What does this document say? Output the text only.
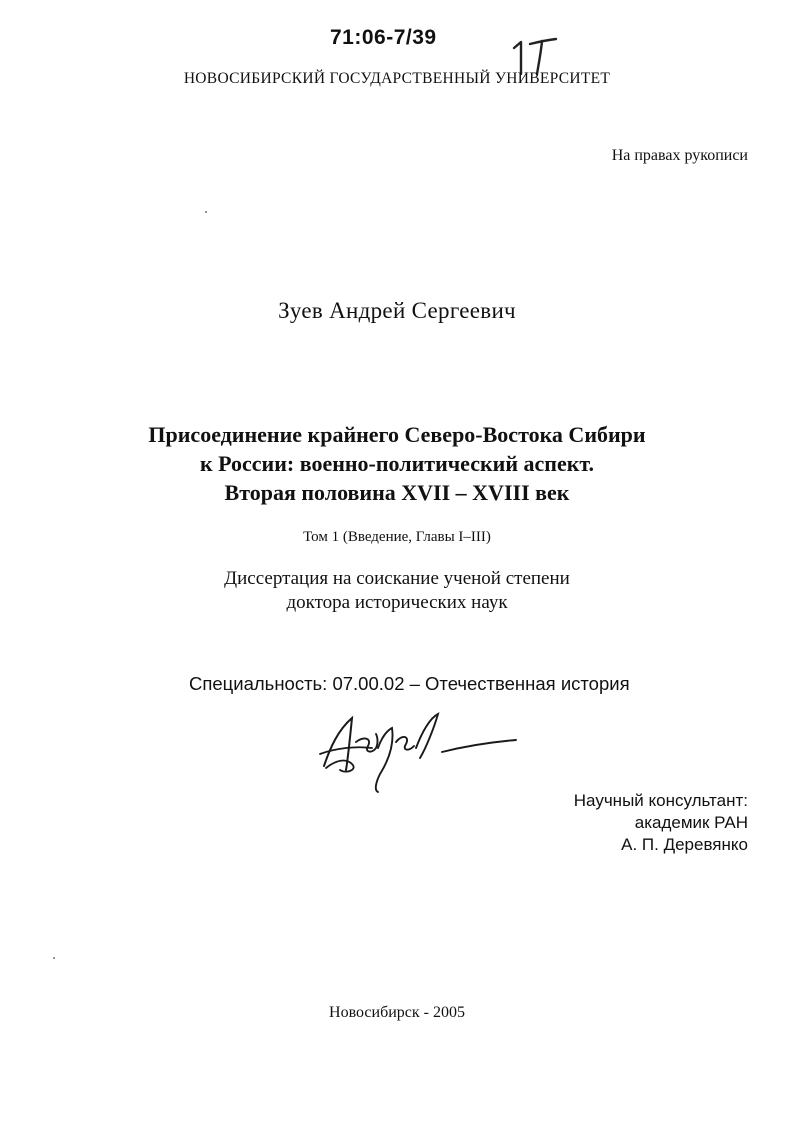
71:06-7/39
НОВОСИБИРСКИЙ ГОСУДАРСТВЕННЫЙ УНИВЕРСИТЕТ
На правах рукописи
Зуев Андрей Сергеевич
Присоединение крайнего Северо-Востока Сибири
к России: военно-политический аспект.
Вторая половина XVII – XVIII век
Том 1 (Введение, Главы I–III)
Диссертация на соискание ученой степени
доктора исторических наук
Специальность: 07.00.02 – Отечественная история
Научный консультант:
академик РАН
А. П. Деревянко
Новосибирск - 2005
